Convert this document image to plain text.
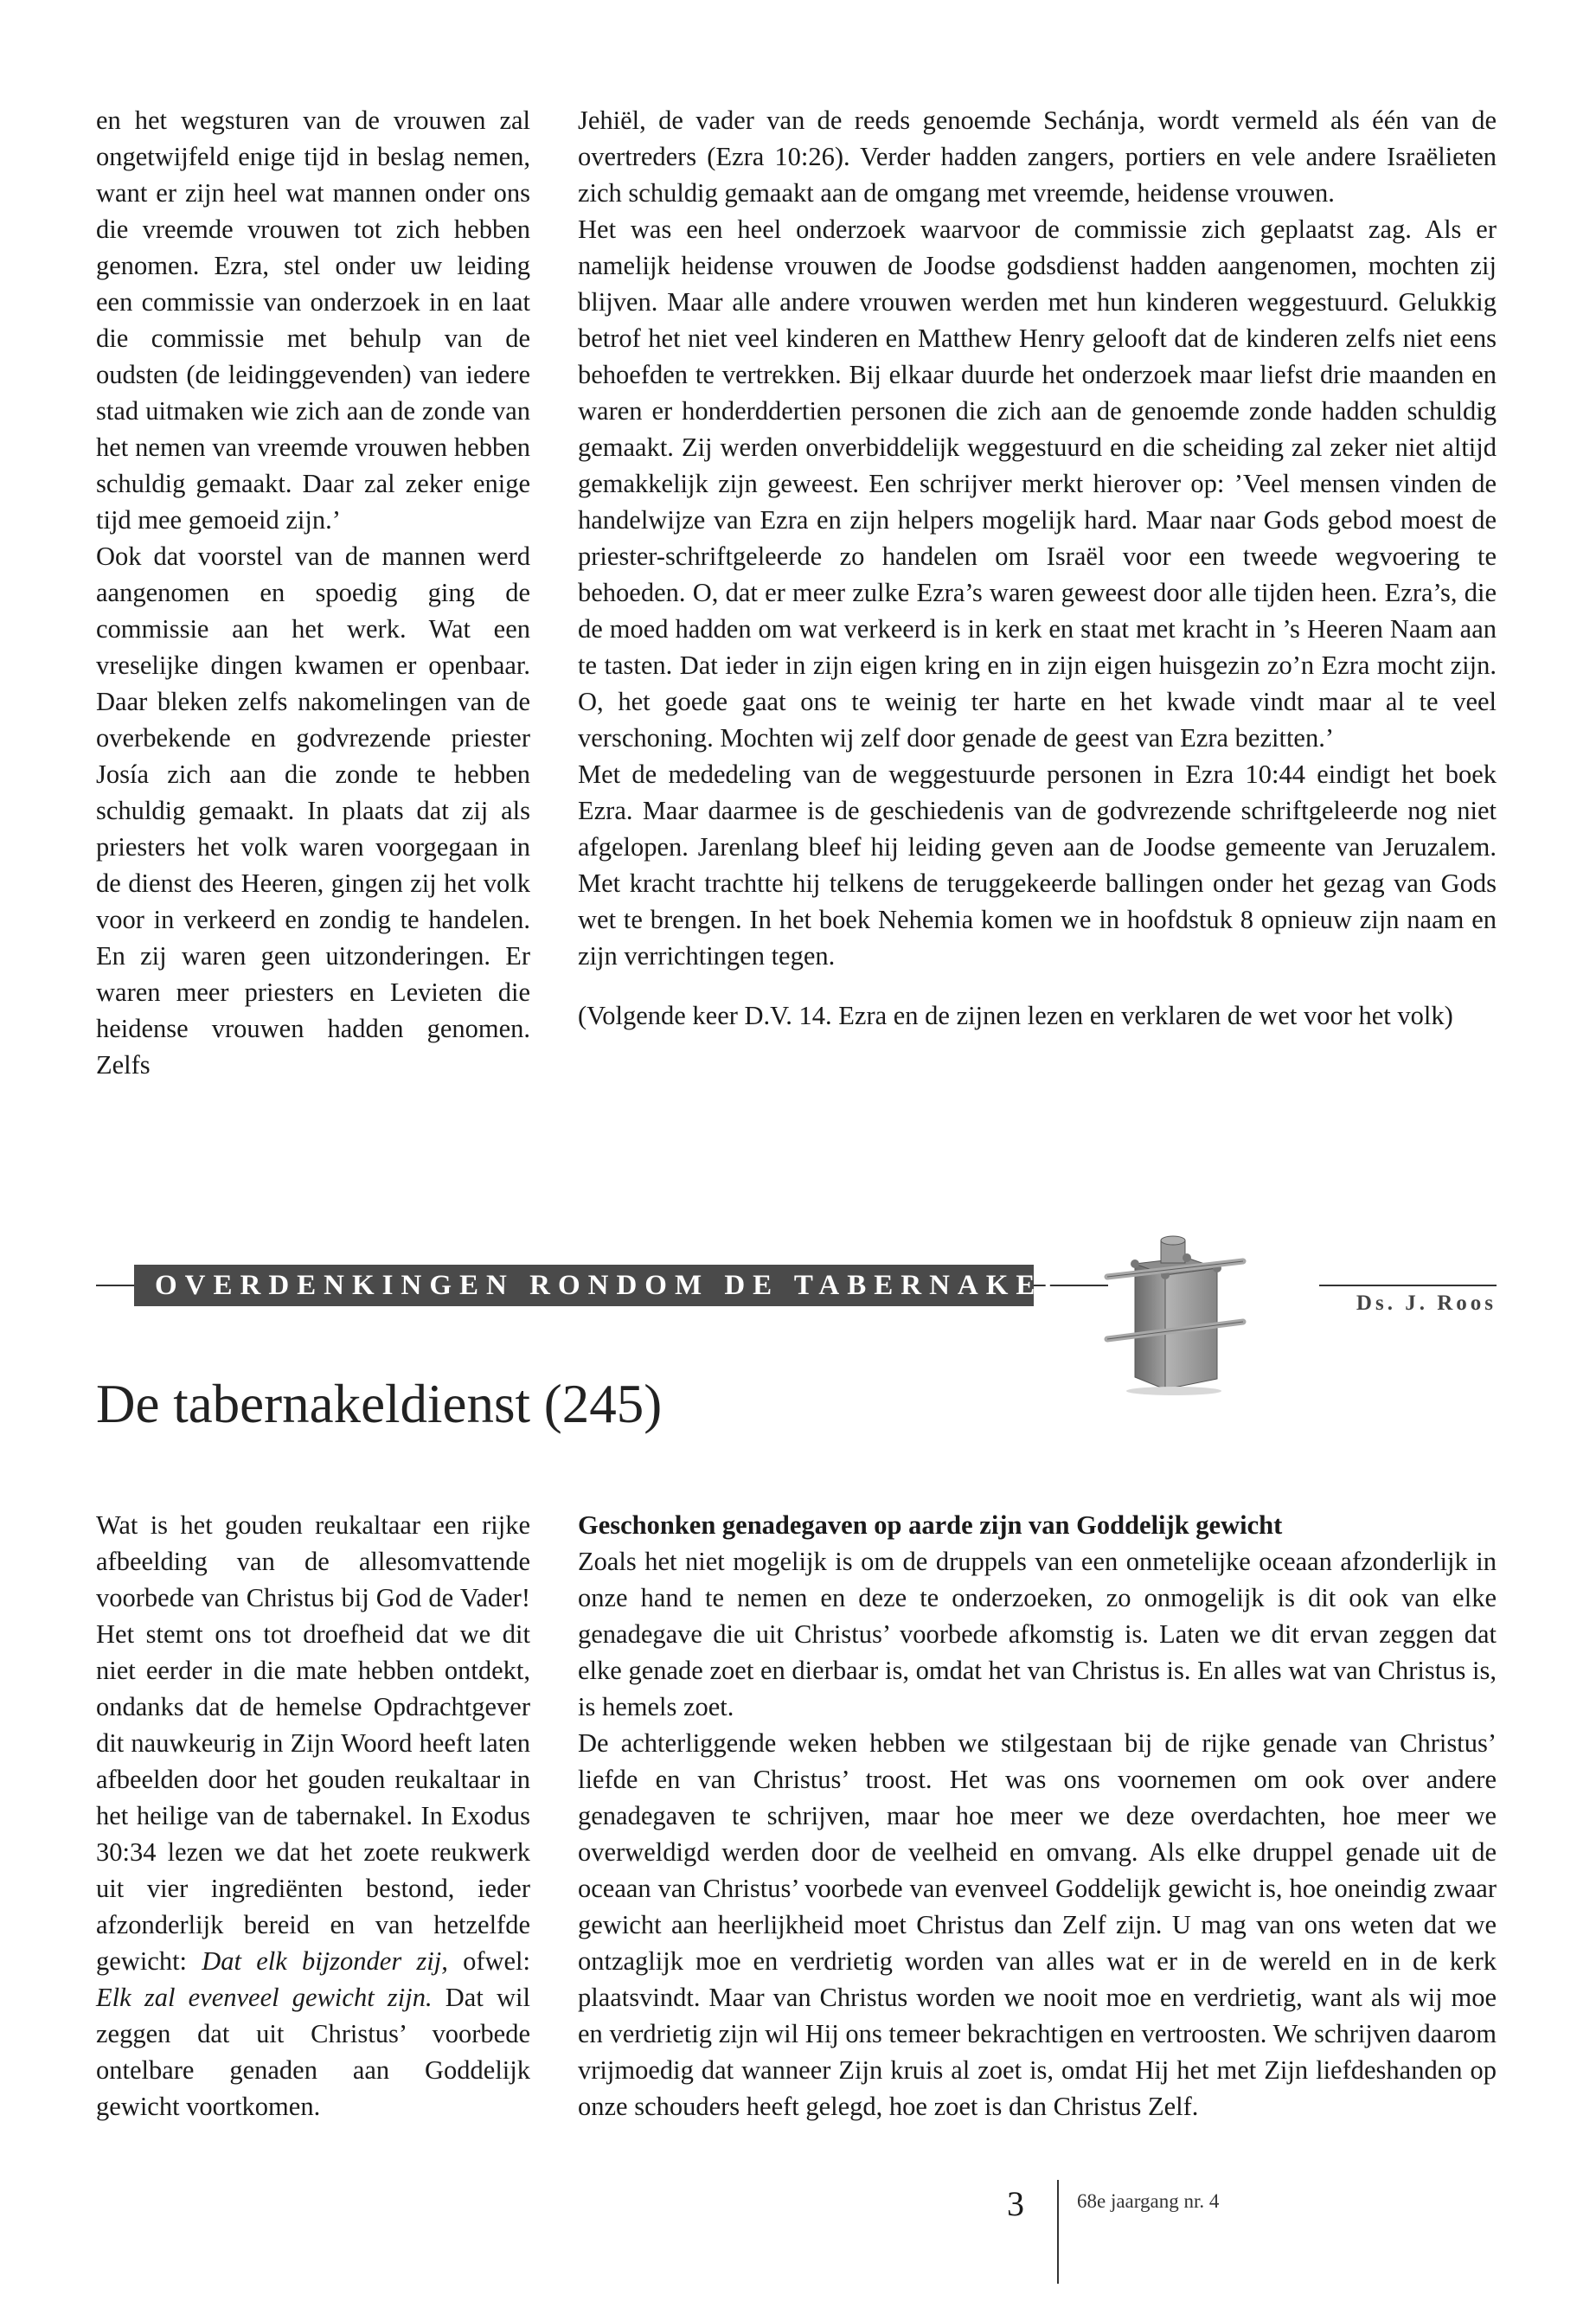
en het wegsturen van de vrouwen zal ongetwijfeld enige tijd in beslag nemen, want er zijn heel wat mannen onder ons die vreemde vrouwen tot zich hebben genomen. Ezra, stel onder uw leiding een commissie van onderzoek in en laat die commissie met behulp van de oudsten (de leidinggevenden) van iedere stad uitmaken wie zich aan de zonde van het nemen van vreemde vrouwen hebben schuldig gemaakt. Daar zal zeker enige tijd mee gemoeid zijn.’

Ook dat voorstel van de mannen werd aangenomen en spoedig ging de commissie aan het werk. Wat een vreselijke dingen kwamen er openbaar. Daar bleken zelfs nakomelingen van de overbekende en godvrezende priester Josía zich aan die zonde te hebben schuldig gemaakt. In plaats dat zij als priesters het volk waren voorgegaan in de dienst des Heeren, gingen zij het volk voor in verkeerd en zondig te handelen. En zij waren geen uitzonderingen. Er waren meer priesters en Levieten die heidense vrouwen hadden genomen. Zelfs

Jehiël, de vader van de reeds genoemde Sechánja, wordt vermeld als één van de overtreders (Ezra 10:26). Verder hadden zangers, portiers en vele andere Israëlieten zich schuldig gemaakt aan de omgang met vreemde, heidense vrouwen.

Het was een heel onderzoek waarvoor de commissie zich geplaatst zag. Als er namelijk heidense vrouwen de Joodse godsdienst hadden aangenomen, mochten zij blijven. Maar alle andere vrouwen werden met hun kinderen weggestuurd. Gelukkig betrof het niet veel kinderen en Matthew Henry gelooft dat de kinderen zelfs niet eens behoefden te vertrekken. Bij elkaar duurde het onderzoek maar liefst drie maanden en waren er honderddertien personen die zich aan de genoemde zonde hadden schuldig gemaakt. Zij werden onverbiddelijk weggestuurd en die scheiding zal zeker niet altijd gemakkelijk zijn geweest. Een schrijver merkt hierover op: ’Veel mensen vinden de handelwijze van Ezra en zijn helpers mogelijk hard. Maar naar Gods gebod moest de priester-schriftgeleerde zo handelen om Israël voor een tweede wegvoering te behoeden. O, dat er meer zulke Ezra’s waren geweest door alle tijden heen. Ezra’s, die de moed hadden om wat verkeerd is in kerk en staat met kracht in ’s Heeren Naam aan te tasten. Dat ieder in zijn eigen kring en in zijn eigen huisgezin zo’n Ezra mocht zijn. O, het goede gaat ons te weinig ter harte en het kwade vindt maar al te veel verschoning. Mochten wij zelf door genade de geest van Ezra bezitten.’

Met de mededeling van de weggestuurde personen in Ezra 10:44 eindigt het boek Ezra. Maar daarmee is de geschiedenis van de godvrezende schriftgeleerde nog niet afgelopen. Jarenlang bleef hij leiding geven aan de Joodse gemeente van Jeruzalem. Met kracht trachtte hij telkens de teruggekeerde ballingen onder het gezag van Gods wet te brengen. In het boek Nehemia komen we in hoofdstuk 8 opnieuw zijn naam en zijn verrichtingen tegen.

(Volgende keer D.V. 14. Ezra en de zijnen lezen en verklaren de wet voor het volk)

OVERDENKINGEN RONDOM DE TABERNAKEL
Ds. J. Roos
De tabernakeldienst (245)

Wat is het gouden reukaltaar een rijke afbeelding van de allesomvattende voorbede van Christus bij God de Vader! Het stemt ons tot droefheid dat we dit niet eerder in die mate hebben ontdekt, ondanks dat de hemelse Opdrachtgever dit nauwkeurig in Zijn Woord heeft laten afbeelden door het gouden reukaltaar in het heilige van de tabernakel. In Exodus 30:34 lezen we dat het zoete reukwerk uit vier ingrediënten bestond, ieder afzonderlijk bereid en van hetzelfde gewicht: Dat elk bijzonder zij, ofwel: Elk zal evenveel gewicht zijn. Dat wil zeggen dat uit Christus’ voorbede ontelbare genaden aan Goddelijk gewicht voortkomen.

Geschonken genadegaven op aarde zijn van Goddelijk gewicht

Zoals het niet mogelijk is om de druppels van een onmetelijke oceaan afzonderlijk in onze hand te nemen en deze te onderzoeken, zo onmogelijk is dit ook van elke genadegave die uit Christus’ voorbede afkomstig is. Laten we dit ervan zeggen dat elke genade zoet en dierbaar is, omdat het van Christus is. En alles wat van Christus is, is hemels zoet.

De achterliggende weken hebben we stilgestaan bij de rijke genade van Christus’ liefde en van Christus’ troost. Het was ons voornemen om ook over andere genadegaven te schrijven, maar hoe meer we deze overdachten, hoe meer we overweldigd werden door de veelheid en omvang. Als elke druppel genade uit de oceaan van Christus’ voorbede van evenveel Goddelijk gewicht is, hoe oneindig zwaar gewicht aan heerlijkheid moet Christus dan Zelf zijn. U mag van ons weten dat we ontzaglijk moe en verdrietig worden van alles wat er in de wereld en in de kerk plaatsvindt. Maar van Christus worden we nooit moe en verdrietig, want als wij moe en verdrietig zijn wil Hij ons temeer bekrachtigen en vertroosten. We schrijven daarom vrijmoedig dat wanneer Zijn kruis al zoet is, omdat Hij het met Zijn liefdeshanden op onze schouders heeft gelegd, hoe zoet is dan Christus Zelf.

3	68e jaargang nr. 4
